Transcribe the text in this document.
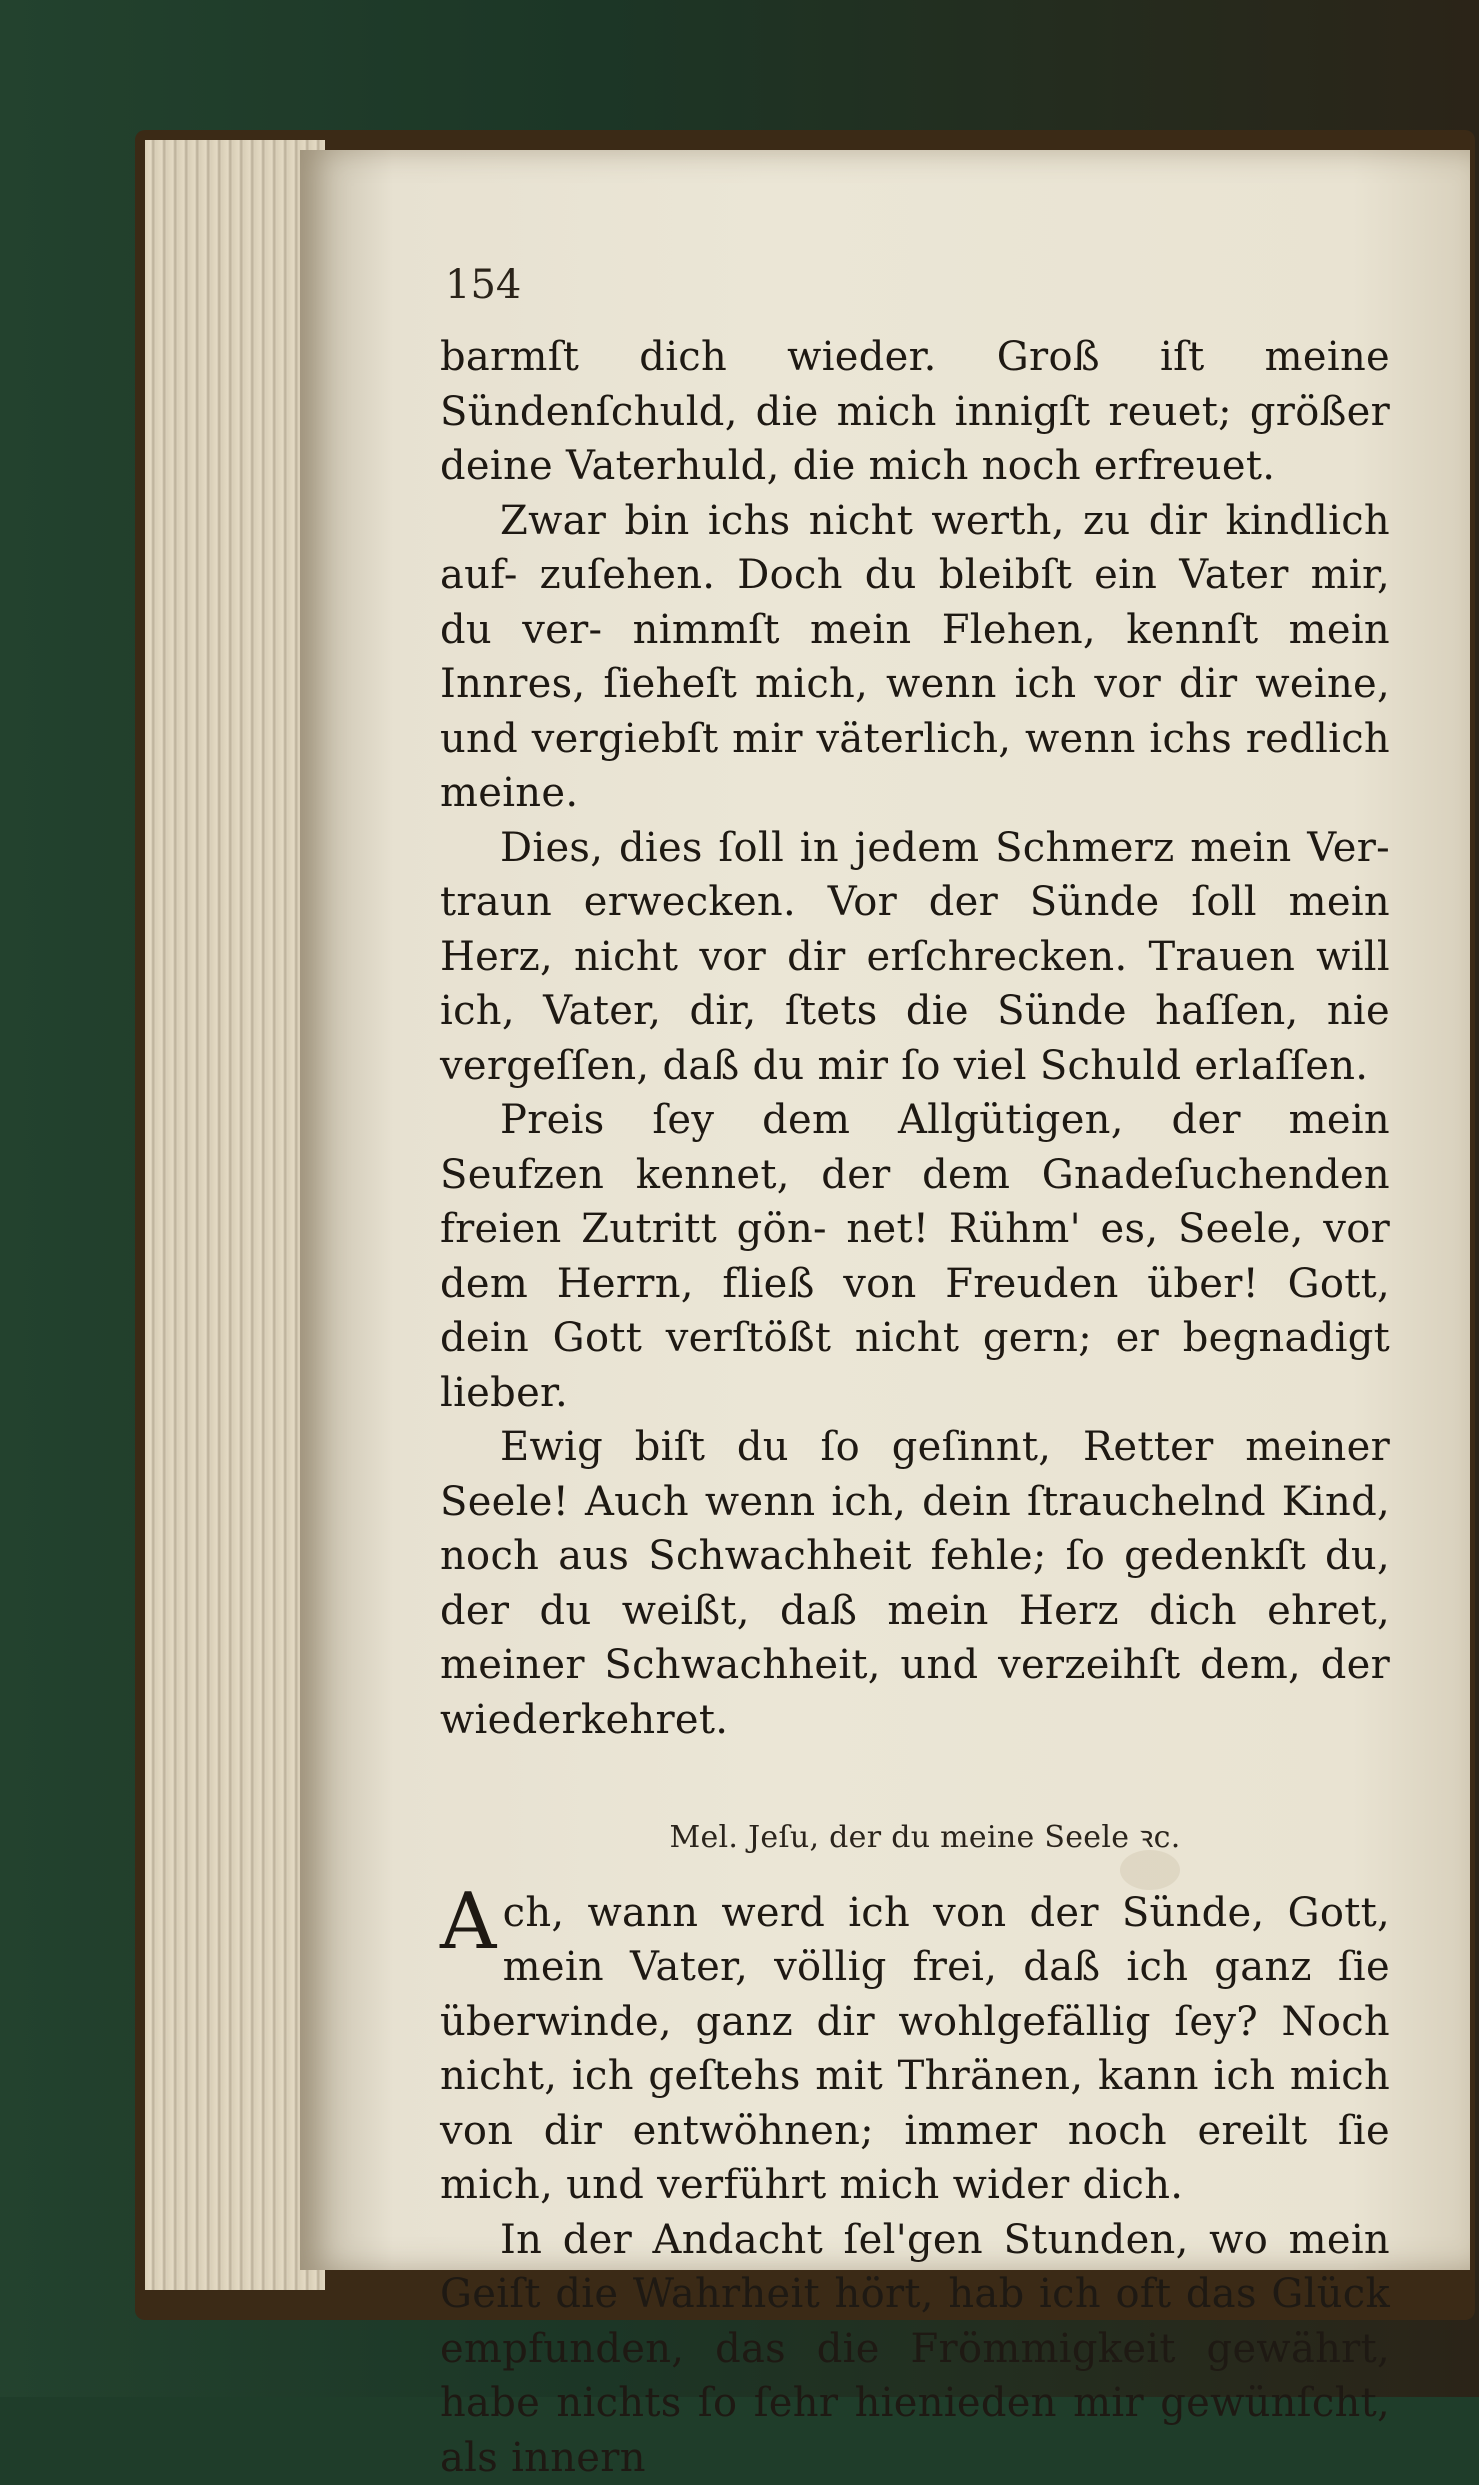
154

barmſt dich wieder. Groß iſt meine Sündenſchuld, die mich innigſt reuet; größer deine Vaterhuld, die mich noch erfreuet.

Zwar bin ichs nicht werth, zu dir kindlich auf- zuſehen. Doch du bleibſt ein Vater mir, du ver- nimmſt mein Flehen, kennſt mein Innres, ſieheſt mich, wenn ich vor dir weine, und vergiebſt mir väterlich, wenn ichs redlich meine.

Dies, dies ſoll in jedem Schmerz mein Ver- traun erwecken. Vor der Sünde ſoll mein Herz, nicht vor dir erſchrecken. Trauen will ich, Vater, dir, ſtets die Sünde haſſen, nie vergeſſen, daß du mir ſo viel Schuld erlaſſen.

Preis ſey dem Allgütigen, der mein Seufzen kennet, der dem Gnadeſuchenden freien Zutritt gön- net! Rühm' es, Seele, vor dem Herrn, fließ von Freuden über! Gott, dein Gott verſtößt nicht gern; er begnadigt lieber.

Ewig biſt du ſo geſinnt, Retter meiner Seele! Auch wenn ich, dein ſtrauchelnd Kind, noch aus Schwachheit fehle; ſo gedenkſt du, der du weißt, daß mein Herz dich ehret, meiner Schwachheit, und verzeihſt dem, der wiederkehret.

Mel. Jeſu, der du meine Seele ꝛc.

Ach, wann werd ich von der Sünde, Gott, mein Vater, völlig frei, daß ich ganz ſie überwinde, ganz dir wohlgefällig ſey? Noch nicht, ich geſtehs mit Thränen, kann ich mich von dir entwöhnen; immer noch ereilt ſie mich, und verführt mich wider dich.

In der Andacht ſel'gen Stunden, wo mein Geiſt die Wahrheit hört, hab ich oft das Glück empfunden, das die Frömmigkeit gewährt, habe nichts ſo ſehr hienieden mir gewünſcht, als innern
